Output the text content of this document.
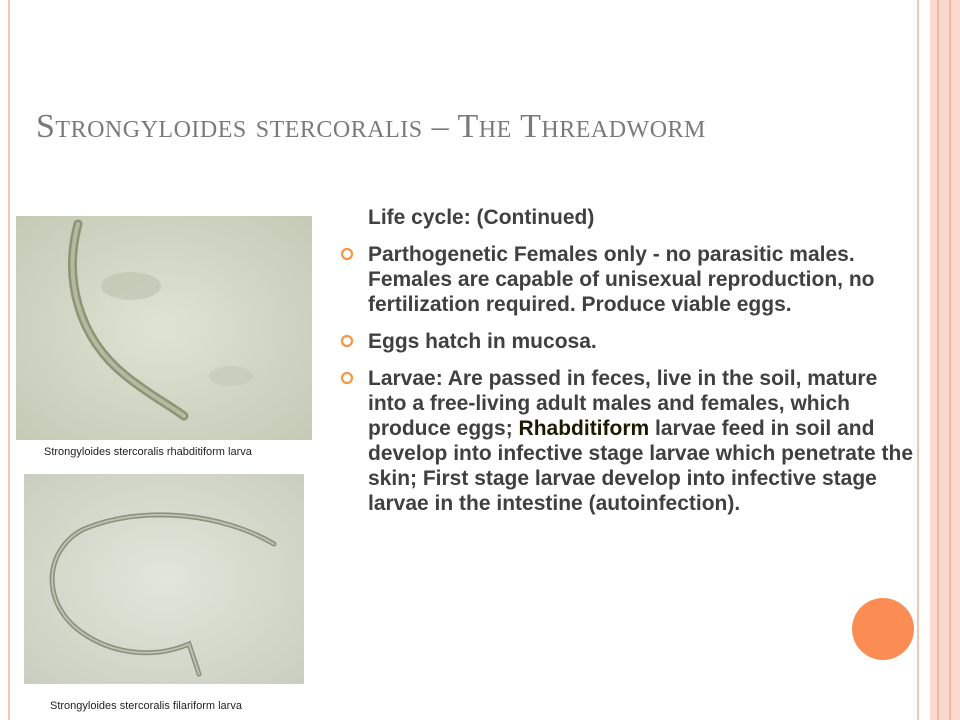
Strongyloides stercoralis – The Threadworm
Strongyloides stercoralis rhabditiform larva
Strongyloides stercoralis filariform larva
Life cycle: (Continued)
Parthogenetic Females only - no parasitic males. Females are capable of unisexual reproduction, no fertilization required. Produce viable eggs.
Eggs hatch in mucosa.
Larvae: Are passed in feces, live in the soil, mature into a free-living adult males and females, which produce eggs; Rhabditiform larvae feed in soil and develop into infective stage larvae which penetrate the skin; First stage larvae develop into infective stage larvae in the intestine (autoinfection).
